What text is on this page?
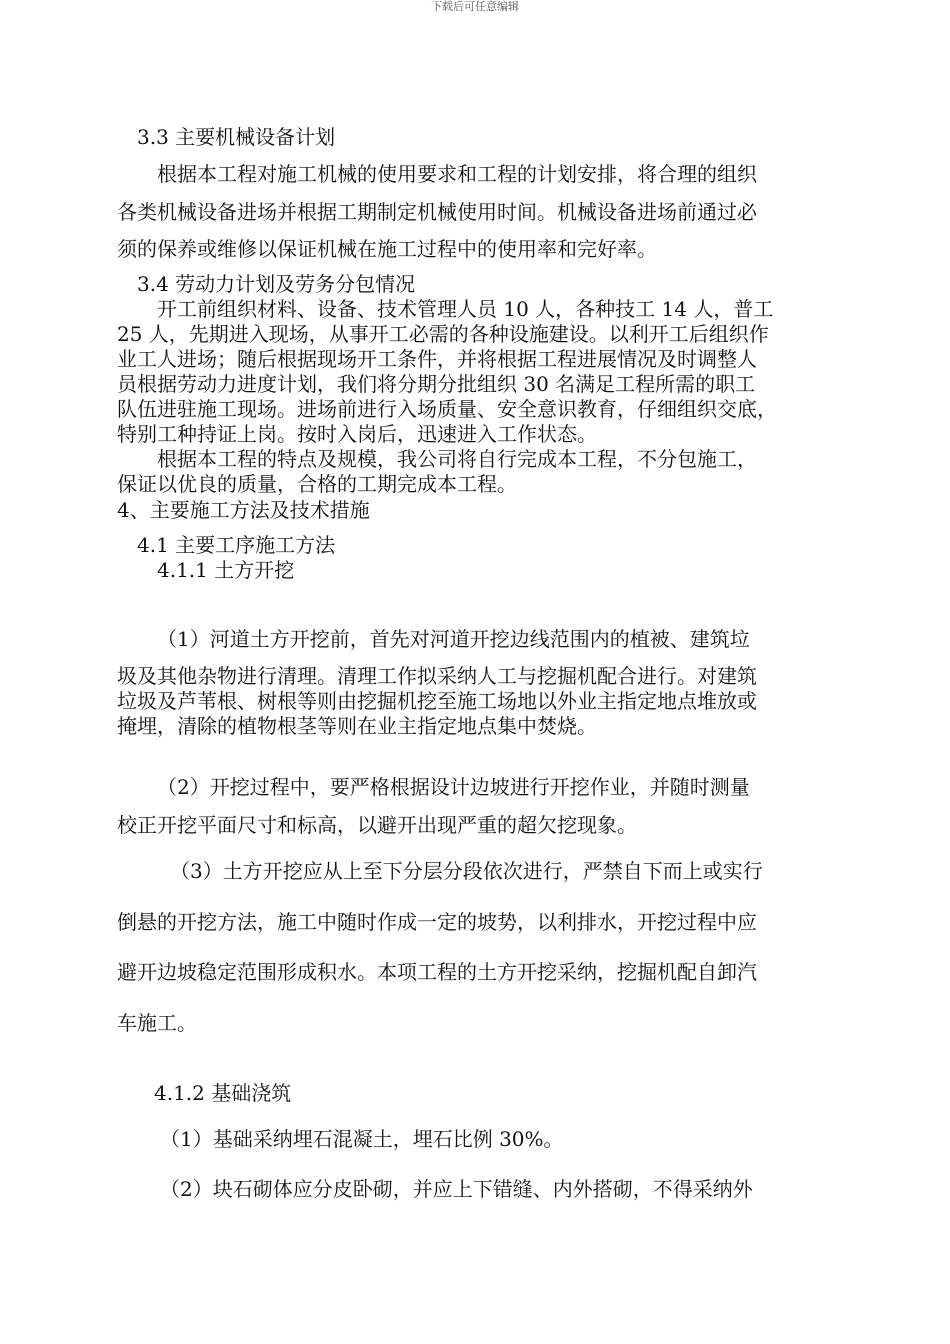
下载后可任意编辑
3.3 主要机械设备计划
根据本工程对施工机械的使用要求和工程的计划安排，将合理的组织
各类机械设备进场并根据工期制定机械使用时间。机械设备进场前通过必
须的保养或维修以保证机械在施工过程中的使用率和完好率。
3.4 劳动力计划及劳务分包情况
开工前组织材料、设备、技术管理人员 10 人，各种技工 14 人，普工
25 人，先期进入现场，从事开工必需的各种设施建设。以利开工后组织作
业工人进场；随后根据现场开工条件，并将根据工程进展情况及时调整人
员根据劳动力进度计划，我们将分期分批组织 30 名满足工程所需的职工
队伍进驻施工现场。进场前进行入场质量、安全意识教育，仔细组织交底，
特别工种持证上岗。按时入岗后，迅速进入工作状态。
根据本工程的特点及规模，我公司将自行完成本工程，不分包施工，
保证以优良的质量，合格的工期完成本工程。
4、主要施工方法及技术措施
4.1 主要工序施工方法
4.1.1 土方开挖
（1）河道土方开挖前，首先对河道开挖边线范围内的植被、建筑垃
圾及其他杂物进行清理。清理工作拟采纳人工与挖掘机配合进行。对建筑
垃圾及芦苇根、树根等则由挖掘机挖至施工场地以外业主指定地点堆放或
掩埋，清除的植物根茎等则在业主指定地点集中焚烧。
（2）开挖过程中，要严格根据设计边坡进行开挖作业，并随时测量
校正开挖平面尺寸和标高，以避开出现严重的超欠挖现象。
（3）土方开挖应从上至下分层分段依次进行，严禁自下而上或实行
倒悬的开挖方法，施工中随时作成一定的坡势，以利排水，开挖过程中应
避开边坡稳定范围形成积水。本项工程的土方开挖采纳，挖掘机配自卸汽
车施工。
4.1.2 基础浇筑
（1）基础采纳埋石混凝土，埋石比例 30%。
（2）块石砌体应分皮卧砌，并应上下错缝、内外搭砌，不得采纳外
